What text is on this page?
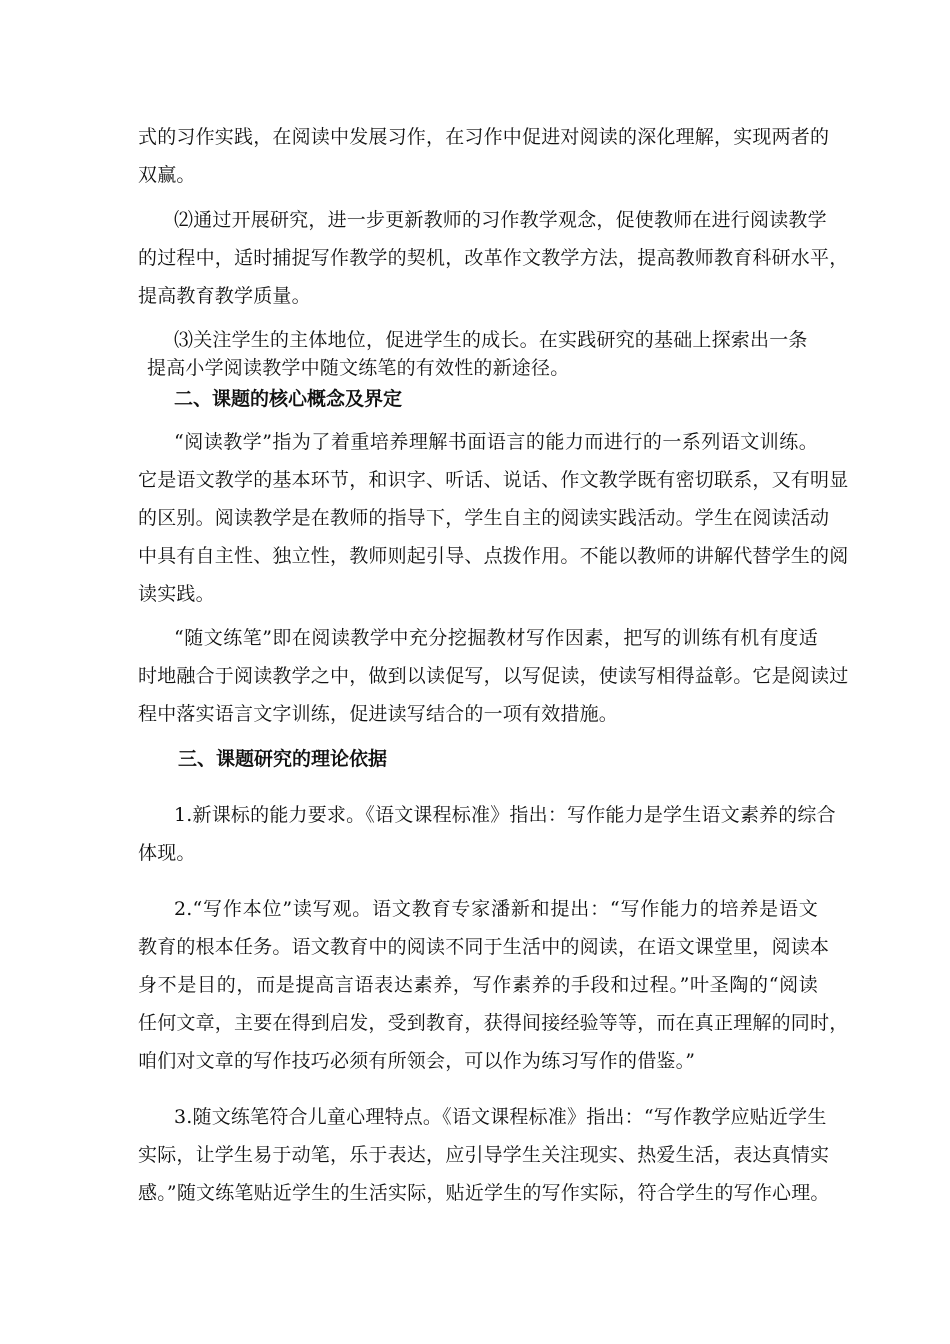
式的习作实践，在阅读中发展习作，在习作中促进对阅读的深化理解，实现两者的
双赢。
⑵通过开展研究，进一步更新教师的习作教学观念，促使教师在进行阅读教学
的过程中，适时捕捉写作教学的契机，改革作文教学方法，提高教师教育科研水平，
提高教育教学质量。
⑶关注学生的主体地位，促进学生的成长。在实践研究的基础上探索出一条
提高小学阅读教学中随文练笔的有效性的新途径。
二、课题的核心概念及界定
“阅读教学”指为了着重培养理解书面语言的能力而进行的一系列语文训练。
它是语文教学的基本环节，和识字、听话、说话、作文教学既有密切联系，又有明显
的区别。阅读教学是在教师的指导下，学生自主的阅读实践活动。学生在阅读活动
中具有自主性、独立性，教师则起引导、点拨作用。不能以教师的讲解代替学生的阅
读实践。
“随文练笔”即在阅读教学中充分挖掘教材写作因素，把写的训练有机有度适
时地融合于阅读教学之中，做到以读促写，以写促读，使读写相得益彰。它是阅读过
程中落实语言文字训练，促进读写结合的一项有效措施。
三、课题研究的理论依据
1.新课标的能力要求。《语文课程标准》指出：写作能力是学生语文素养的综合
体现。
2.“写作本位”读写观。语文教育专家潘新和提出：“写作能力的培养是语文
教育的根本任务。语文教育中的阅读不同于生活中的阅读，在语文课堂里，阅读本
身不是目的，而是提高言语表达素养，写作素养的手段和过程。”叶圣陶的“阅读
任何文章，主要在得到启发，受到教育，获得间接经验等等，而在真正理解的同时，
咱们对文章的写作技巧必须有所领会，可以作为练习写作的借鉴。”
3.随文练笔符合儿童心理特点。《语文课程标准》指出：“写作教学应贴近学生
实际，让学生易于动笔，乐于表达，应引导学生关注现实、热爱生活，表达真情实
感。”随文练笔贴近学生的生活实际，贴近学生的写作实际，符合学生的写作心理。
